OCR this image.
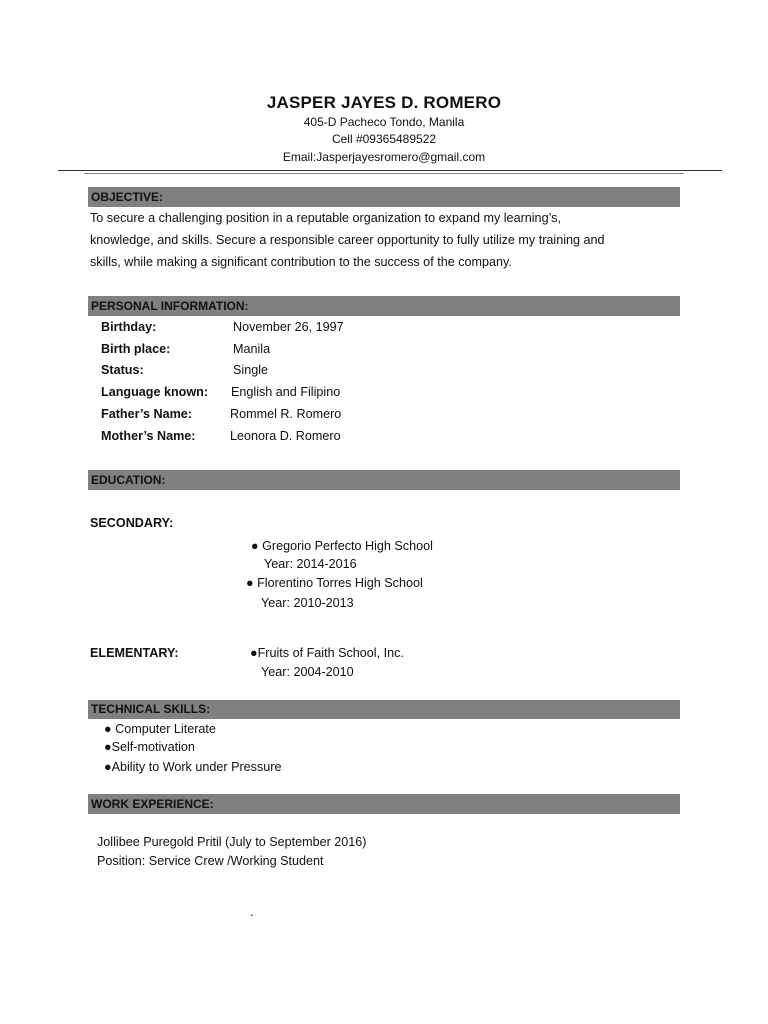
JASPER JAYES D. ROMERO
405-D Pacheco Tondo, Manila
Cell #09365489522
Email:Jasperjayesromero@gmail.com
OBJECTIVE:
To secure a challenging position in a reputable organization to expand my learning’s,
knowledge, and skills. Secure a responsible career opportunity to fully utilize my training and
skills, while making a significant contribution to the success of the company.
PERSONAL INFORMATION:
Birthday:	November 26, 1997
Birth place:	Manila
Status:	Single
Language known: English and Filipino
Father’s Name:	Rommel R. Romero
Mother’s Name:	Leonora D. Romero
EDUCATION:
SECONDARY:
● Gregorio Perfecto High School
Year: 2014-2016
● Florentino Torres High School
Year: 2010-2013
ELEMENTARY:	●Fruits of Faith School, Inc.
Year: 2004-2010
TECHNICAL SKILLS:
● Computer Literate
●Self-motivation
●Ability to Work under Pressure
WORK EXPERIENCE:
Jollibee Puregold Pritil (July to September 2016)
Position: Service Crew /Working Student
.
